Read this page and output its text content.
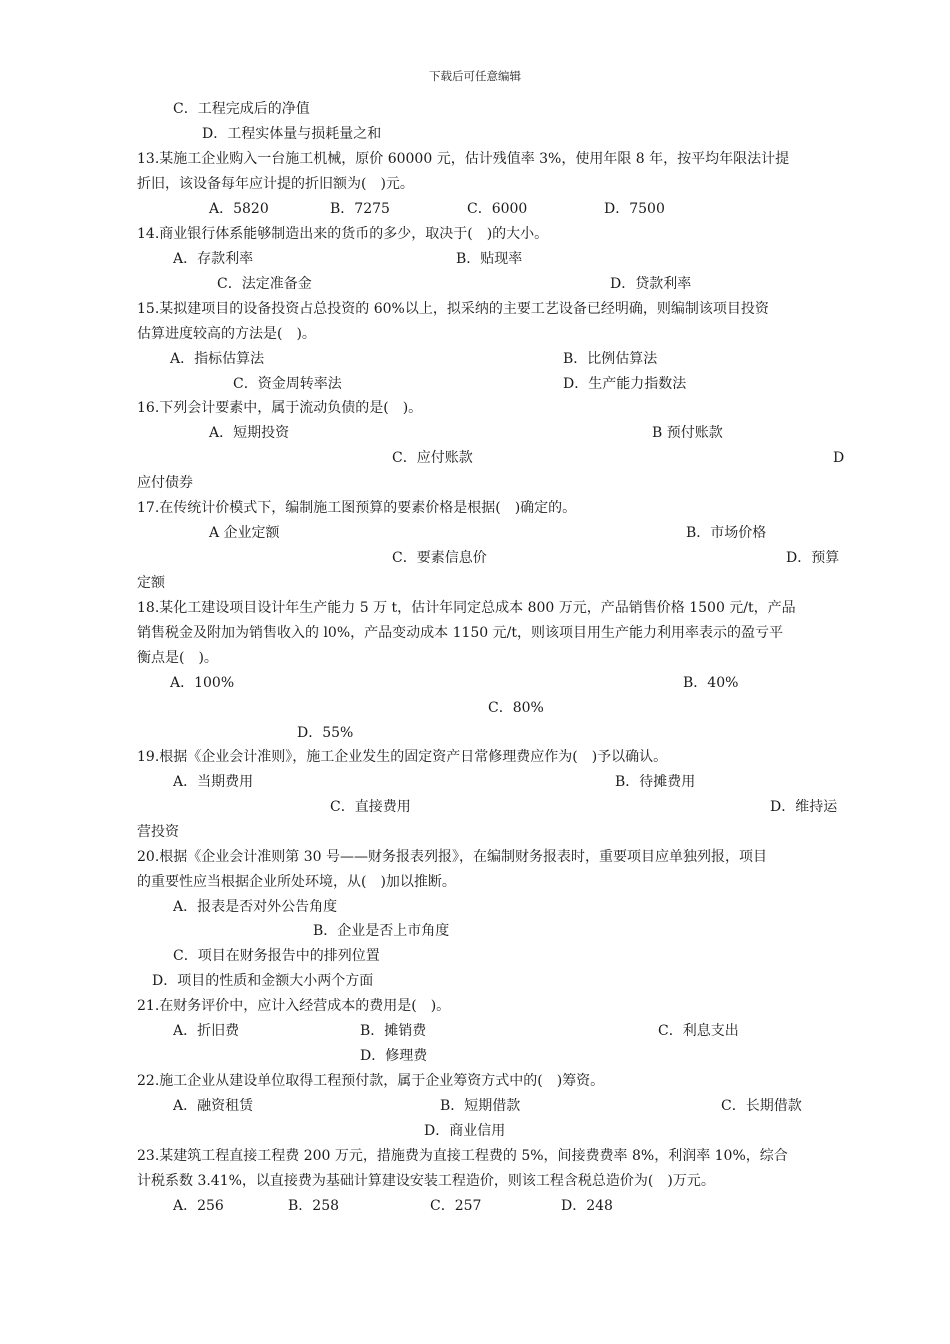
下载后可任意编辑
C．工程完成后的净值
D．工程实体量与损耗量之和
13.某施工企业购入一台施工机械，原价 60000 元，估计残值率 3%，使用年限 8 年，按平均年限法计提
折旧，该设备每年应计提的折旧额为(　)元。
A．5820	B．7275	C．6000	D．7500
14.商业银行体系能够制造出来的货币的多少，取决于(　)的大小。
A．存款利率	B．贴现率
C．法定准备金	D．贷款利率
15.某拟建项目的设备投资占总投资的 60%以上，拟采纳的主要工艺设备已经明确，则编制该项目投资
估算进度较高的方法是(　)。
A．指标估算法	B．比例估算法
C．资金周转率法	D．生产能力指数法
16.下列会计要素中，属于流动负债的是(　)。
A．短期投资	B 预付账款
C．应付账款	D
应付债券
17.在传统计价模式下，编制施工图预算的要素价格是根据(　)确定的。
A 企业定额	B．市场价格
C．要素信息价	D．预算
定额
18.某化工建设项目设计年生产能力 5 万 t，估计年同定总成本 800 万元，产品销售价格 1500 元/t，产品
销售税金及附加为销售收入的 l0%，产品变动成本 1150 元/t，则该项目用生产能力利用率表示的盈亏平
衡点是(　)。
A．100%	B．40%
C．80%
D．55%
19.根据《企业会计准则》，施工企业发生的固定资产日常修理费应作为(　)予以确认。
A．当期费用	B．待摊费用
C．直接费用	D．维持运
营投资
20.根据《企业会计准则第 30 号——财务报表列报》，在编制财务报表时，重要项目应单独列报，项目
的重要性应当根据企业所处环境，从(　)加以推断。
A．报表是否对外公告角度
B．企业是否上市角度
C．项目在财务报告中的排列位置
D．项目的性质和金额大小两个方面
21.在财务评价中，应计入经营成本的费用是(　)。
A．折旧费	B．摊销费	C．利息支出
D．修理费
22.施工企业从建设单位取得工程预付款，属于企业筹资方式中的(　)筹资。
A．融资租赁	B．短期借款	C．长期借款
D．商业信用
23.某建筑工程直接工程费 200 万元，措施费为直接工程费的 5%，间接费费率 8%，利润率 10%，综合
计税系数 3.41%，以直接费为基础计算建设安装工程造价，则该工程含税总造价为(　)万元。
A．256	B．258	C．257	D．248
